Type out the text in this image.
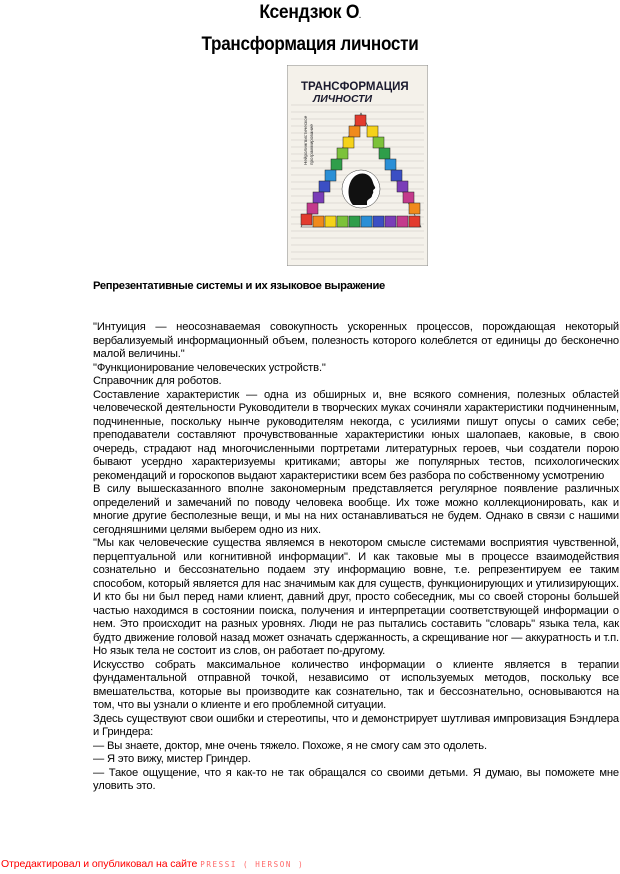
Ксендзюк О.
Трансформация личности
ТРАНСФОРМАЦИЯ
ЛИЧНОСТИ
Нейролингвистическое программирование
Репрезентативные системы и их языковое выражение

"Интуиция — неосознаваемая совокупность ускоренных процессов, порождающая некоторый вербализуемый информационный объем, полезность которого колеблется от единицы до бесконечно малой величины."

"Функционирование человеческих устройств."

Справочник для роботов.

Составление характеристик — одна из обширных и, вне всякого сомнения, полезных областей человеческой деятельности Руководители в творческих муках сочиняли характеристики подчиненным, подчиненные, поскольку нынче руководителям некогда, с усилиями пишут опусы о самих себе; преподаватели составляют прочувствованные характеристики юных шалопаев, каковые, в свою очередь, страдают над многочисленными портретами литературных героев, чьи создатели порою бывают усердно характеризуемы критиками; авторы же популярных тестов, психологических рекомендаций и гороскопов выдают характеристики всем без разбора по собственному усмотрению

В силу вышесказанного вполне закономерным представляется регулярное появление различных определений и замечаний по поводу человека вообще. Их тоже можно коллекционировать, как и многие другие бесполезные вещи, и мы на них останавливаться не будем. Однако в связи с нашими сегодняшними целями выберем одно из них.

"Мы как человеческие существа являемся в некотором смысле системами восприятия чувственной, перцептуальной или когнитивной информации". И как таковые мы в процессе взаимодействия сознательно и бессознательно подаем эту информацию вовне, т.е. репрезентируем ее таким способом, который является для нас значимым как для существ, функционирующих и утилизирующих. И кто бы ни был перед нами клиент, давний друг, просто собеседник, мы со своей стороны большей частью находимся в состоянии поиска, получения и интерпретации соответствующей информации о нем. Это происходит на разных уровнях. Люди не раз пытались составить "словарь" языка тела, как будто движение головой назад может означать сдержанность, а скрещивание ног — аккуратность и т.п. Но язык тела не состоит из слов, он работает по-другому.

Искусство собрать максимальное количество информации о клиенте является в терапии фундаментальной отправной точкой, независимо от используемых методов, поскольку все вмешательства, которые вы производите как сознательно, так и бессознательно, основываются на том, что вы узнали о клиенте и его проблемной ситуации.

Здесь существуют свои ошибки и стереотипы, что и демонстрирует шутливая импровизация Бэндлера и Гриндера:

— Вы знаете, доктор, мне очень тяжело. Похоже, я не смогу сам это одолеть.

— Я это вижу, мистер Гриндер.

— Такое ощущение, что я как-то не так обращался со своими детьми. Я думаю, вы поможете мне уловить это.

Отредактировал и опубликовал на сайте PRESSI ( HERSON )
